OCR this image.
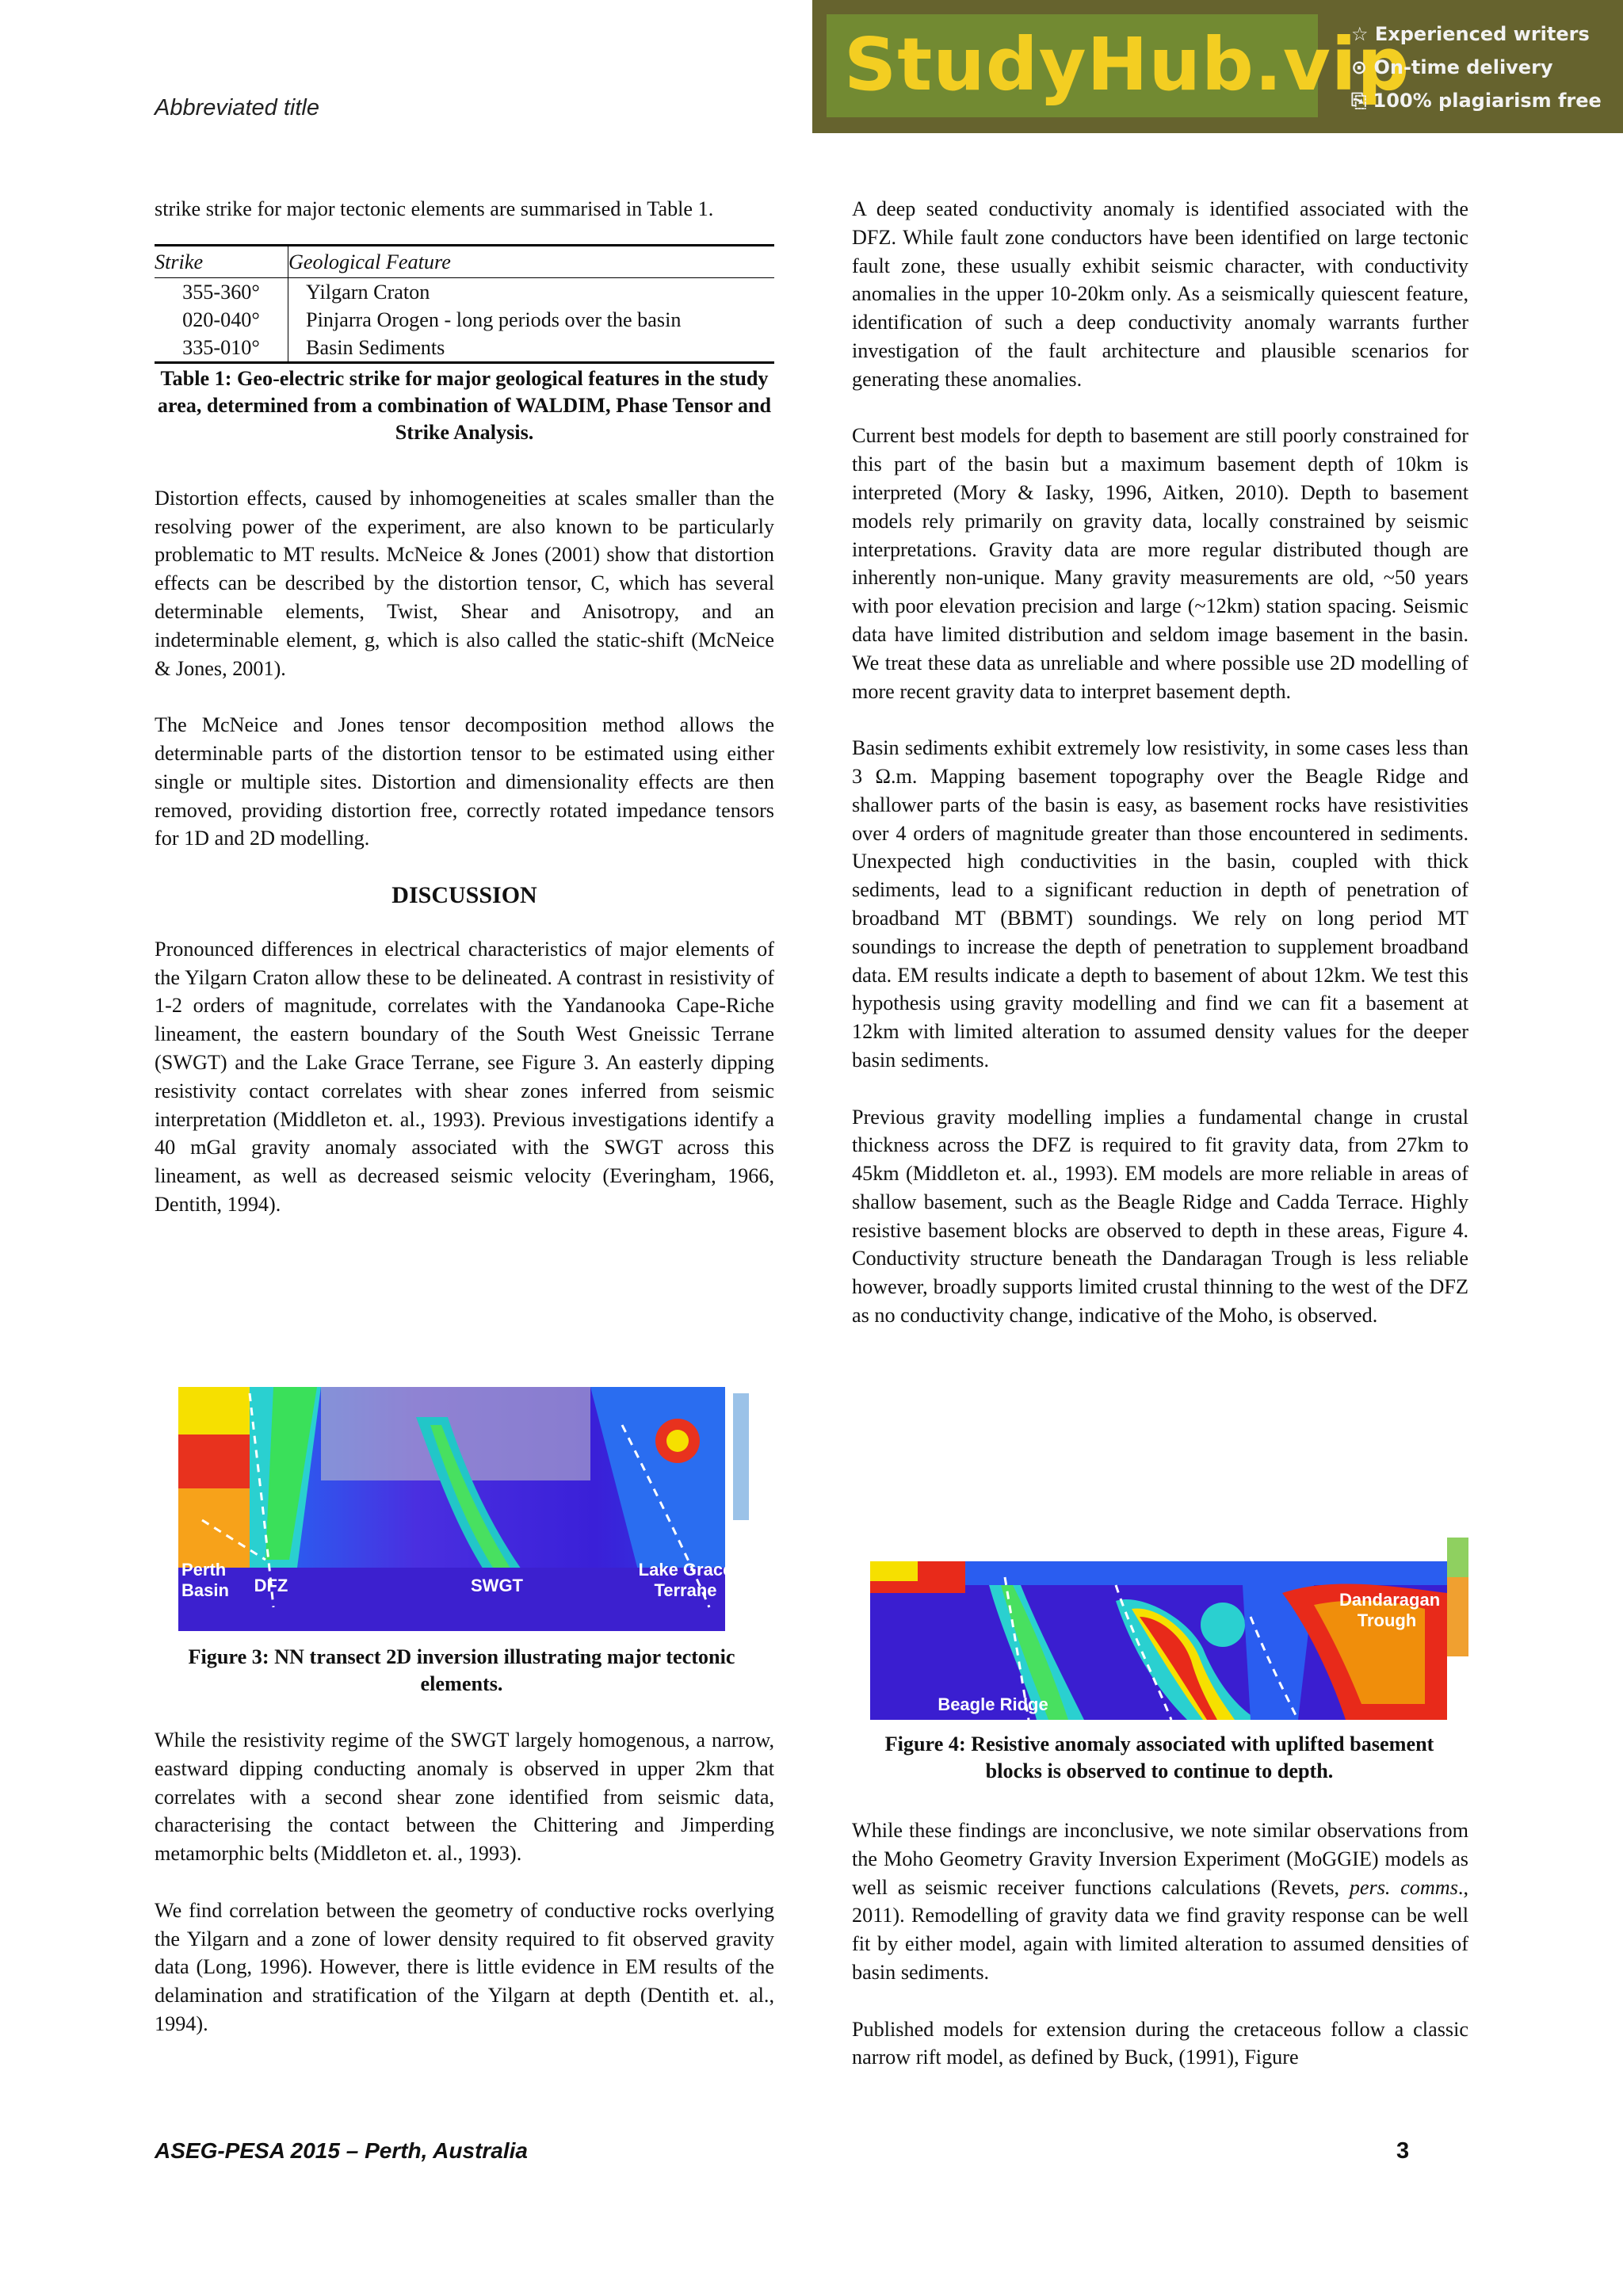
Abbreviated title
StudyHub.vip
☆ Experienced writers
⊙ On-time delivery
⎘ 100% plagiarism free

strike strike for major tectonic elements are summarised in Table 1.

Strike	Geological Feature
355-360°	Yilgarn Craton
020-040°	Pinjarra Orogen - long periods over the basin
335-010°	Basin Sediments
Table 1: Geo-electric strike for major geological features in the study area, determined from a combination of WALDIM, Phase Tensor and Strike Analysis.

Distortion effects, caused by inhomogeneities at scales smaller than the resolving power of the experiment, are also known to be particularly problematic to MT results. McNeice & Jones (2001) show that distortion effects can be described by the distortion tensor, C, which has several determinable elements, Twist, Shear and Anisotropy, and an indeterminable element, g, which is also called the static-shift (McNeice & Jones, 2001).

The McNeice and Jones tensor decomposition method allows the determinable parts of the distortion tensor to be estimated using either single or multiple sites. Distortion and dimensionality effects are then removed, providing distortion free, correctly rotated impedance tensors for 1D and 2D modelling.

DISCUSSION

Pronounced differences in electrical characteristics of major elements of the Yilgarn Craton allow these to be delineated. A contrast in resistivity of 1-2 orders of magnitude, correlates with the Yandanooka Cape-Riche lineament, the eastern boundary of the South West Gneissic Terrane (SWGT) and the Lake Grace Terrane, see Figure 3. An easterly dipping resistivity contact correlates with shear zones inferred from seismic interpretation (Middleton et. al., 1993). Previous investigations identify a 40 mGal gravity anomaly associated with the SWGT across this lineament, as well as decreased seismic velocity (Everingham, 1966, Dentith, 1994).

Perth Basin DFZ	SWGT
Lake Grace Terrane
Figure 3: NN transect 2D inversion illustrating major tectonic elements.

While the resistivity regime of the SWGT largely homogenous, a narrow, eastward dipping conducting anomaly is observed in upper 2km that correlates with a second shear zone identified from seismic data, characterising the contact between the Chittering and Jimperding metamorphic belts (Middleton et. al., 1993).

We find correlation between the geometry of conductive rocks overlying the Yilgarn and a zone of lower density required to fit observed gravity data (Long, 1996). However, there is little evidence in EM results of the delamination and stratification of the Yilgarn at depth (Dentith et. al., 1994).

A deep seated conductivity anomaly is identified associated with the DFZ. While fault zone conductors have been identified on large tectonic fault zone, these usually exhibit seismic character, with conductivity anomalies in the upper 10-20km only. As a seismically quiescent feature, identification of such a deep conductivity anomaly warrants further investigation of the fault architecture and plausible scenarios for generating these anomalies.

Current best models for depth to basement are still poorly constrained for this part of the basin but a maximum basement depth of 10km is interpreted (Mory & Iasky, 1996, Aitken, 2010). Depth to basement models rely primarily on gravity data, locally constrained by seismic interpretations. Gravity data are more regular distributed though are inherently non-unique. Many gravity measurements are old, ~50 years with poor elevation precision and large (~12km) station spacing. Seismic data have limited distribution and seldom image basement in the basin. We treat these data as unreliable and where possible use 2D modelling of more recent gravity data to interpret basement depth.

Basin sediments exhibit extremely low resistivity, in some cases less than 3 Ω.m. Mapping basement topography over the Beagle Ridge and shallower parts of the basin is easy, as basement rocks have resistivities over 4 orders of magnitude greater than those encountered in sediments. Unexpected high conductivities in the basin, coupled with thick sediments, lead to a significant reduction in depth of penetration of broadband MT (BBMT) soundings. We rely on long period MT soundings to increase the depth of penetration to supplement broadband data. EM results indicate a depth to basement of about 12km. We test this hypothesis using gravity modelling and find we can fit a basement at 12km with limited alteration to assumed density values for the deeper basin sediments.

Previous gravity modelling implies a fundamental change in crustal thickness across the DFZ is required to fit gravity data, from 27km to 45km (Middleton et. al., 1993). EM models are more reliable in areas of shallow basement, such as the Beagle Ridge and Cadda Terrace. Highly resistive basement blocks are observed to depth in these areas, Figure 4. Conductivity structure beneath the Dandaragan Trough is less reliable however, broadly supports limited crustal thinning to the west of the DFZ as no conductivity change, indicative of the Moho, is observed.

Dandaragan Trough
Beagle Ridge
Figure 4: Resistive anomaly associated with uplifted basement blocks is observed to continue to depth.

While these findings are inconclusive, we note similar observations from the Moho Geometry Gravity Inversion Experiment (MoGGIE) models as well as seismic receiver functions calculations (Revets, pers. comms., 2011). Remodelling of gravity data we find gravity response can be well fit by either model, again with limited alteration to assumed densities of basin sediments.

Published models for extension during the cretaceous follow a classic narrow rift model, as defined by Buck, (1991), Figure

ASEG-PESA 2015 – Perth, Australia	3
